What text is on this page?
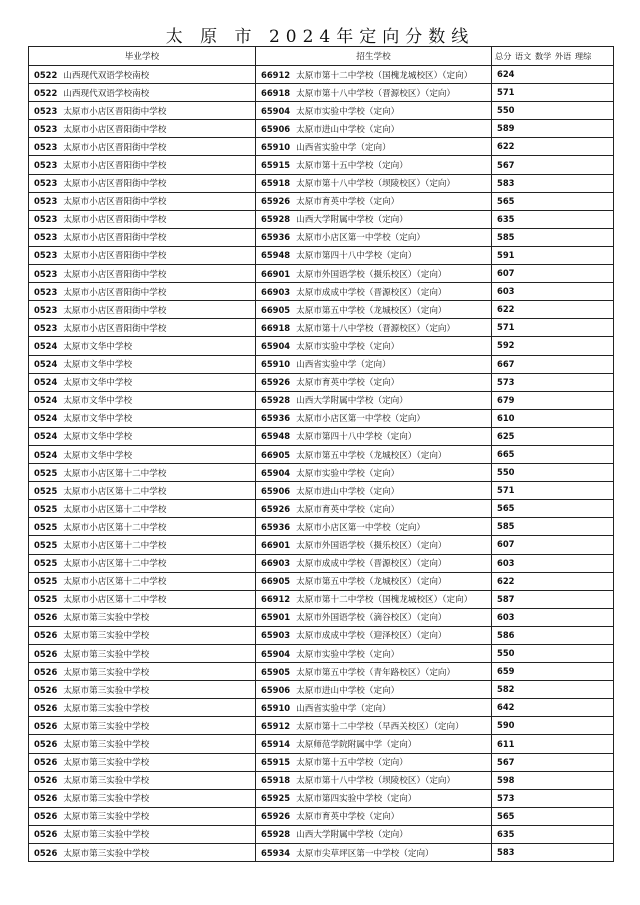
太 原 市 2024年定向分数线
毕业学校	招生学校	总分 语文 数学 外语 理综
0522 山西现代双语学校南校	66912 太原市第十二中学校（国槐龙城校区）（定向）	624
0522 山西现代双语学校南校	66918 太原市第十八中学校（晋源校区）（定向）	571
0523 太原市小店区晋阳街中学校	65904 太原市实验中学校（定向）	550
0523 太原市小店区晋阳街中学校	65906 太原市进山中学校（定向）	589
0523 太原市小店区晋阳街中学校	65910 山西省实验中学（定向）	622
0523 太原市小店区晋阳街中学校	65915 太原市第十五中学校（定向）	567
0523 太原市小店区晋阳街中学校	65918 太原市第十八中学校（坝陵校区）（定向）	583
0523 太原市小店区晋阳街中学校	65926 太原市育英中学校（定向）	565
0523 太原市小店区晋阳街中学校	65928 山西大学附属中学校（定向）	635
0523 太原市小店区晋阳街中学校	65936 太原市小店区第一中学校（定向）	585
0523 太原市小店区晋阳街中学校	65948 太原市第四十八中学校（定向）	591
0523 太原市小店区晋阳街中学校	66901 太原市外国语学校（摄乐校区）（定向）	607
0523 太原市小店区晋阳街中学校	66903 太原市成成中学校（晋源校区）（定向）	603
0523 太原市小店区晋阳街中学校	66905 太原市第五中学校（龙城校区）（定向）	622
0523 太原市小店区晋阳街中学校	66918 太原市第十八中学校（晋源校区）（定向）	571
0524 太原市文华中学校	65904 太原市实验中学校（定向）	592
0524 太原市文华中学校	65910 山西省实验中学（定向）	667
0524 太原市文华中学校	65926 太原市育英中学校（定向）	573
0524 太原市文华中学校	65928 山西大学附属中学校（定向）	679
0524 太原市文华中学校	65936 太原市小店区第一中学校（定向）	610
0524 太原市文华中学校	65948 太原市第四十八中学校（定向）	625
0524 太原市文华中学校	66905 太原市第五中学校（龙城校区）（定向）	665
0525 太原市小店区第十二中学校	65904 太原市实验中学校（定向）	550
0525 太原市小店区第十二中学校	65906 太原市进山中学校（定向）	571
0525 太原市小店区第十二中学校	65926 太原市育英中学校（定向）	565
0525 太原市小店区第十二中学校	65936 太原市小店区第一中学校（定向）	585
0525 太原市小店区第十二中学校	66901 太原市外国语学校（摄乐校区）（定向）	607
0525 太原市小店区第十二中学校	66903 太原市成成中学校（晋源校区）（定向）	603
0525 太原市小店区第十二中学校	66905 太原市第五中学校（龙城校区）（定向）	622
0525 太原市小店区第十二中学校	66912 太原市第十二中学校（国槐龙城校区）（定向）	587
0526 太原市第三实验中学校	65901 太原市外国语学校（滴谷校区）（定向）	603
0526 太原市第三实验中学校	65903 太原市成成中学校（迎泽校区）（定向）	586
0526 太原市第三实验中学校	65904 太原市实验中学校（定向）	550
0526 太原市第三实验中学校	65905 太原市第五中学校（青年路校区）（定向）	659
0526 太原市第三实验中学校	65906 太原市进山中学校（定向）	582
0526 太原市第三实验中学校	65910 山西省实验中学（定向）	642
0526 太原市第三实验中学校	65912 太原市第十二中学校（早西关校区）（定向）	590
0526 太原市第三实验中学校	65914 太原师范学院附属中学（定向）	611
0526 太原市第三实验中学校	65915 太原市第十五中学校（定向）	567
0526 太原市第三实验中学校	65918 太原市第十八中学校（坝陵校区）（定向）	598
0526 太原市第三实验中学校	65925 太原市第四实验中学校（定向）	573
0526 太原市第三实验中学校	65926 太原市育英中学校（定向）	565
0526 太原市第三实验中学校	65928 山西大学附属中学校（定向）	635
0526 太原市第三实验中学校	65934 太原市尖草坪区第一中学校（定向）	583
